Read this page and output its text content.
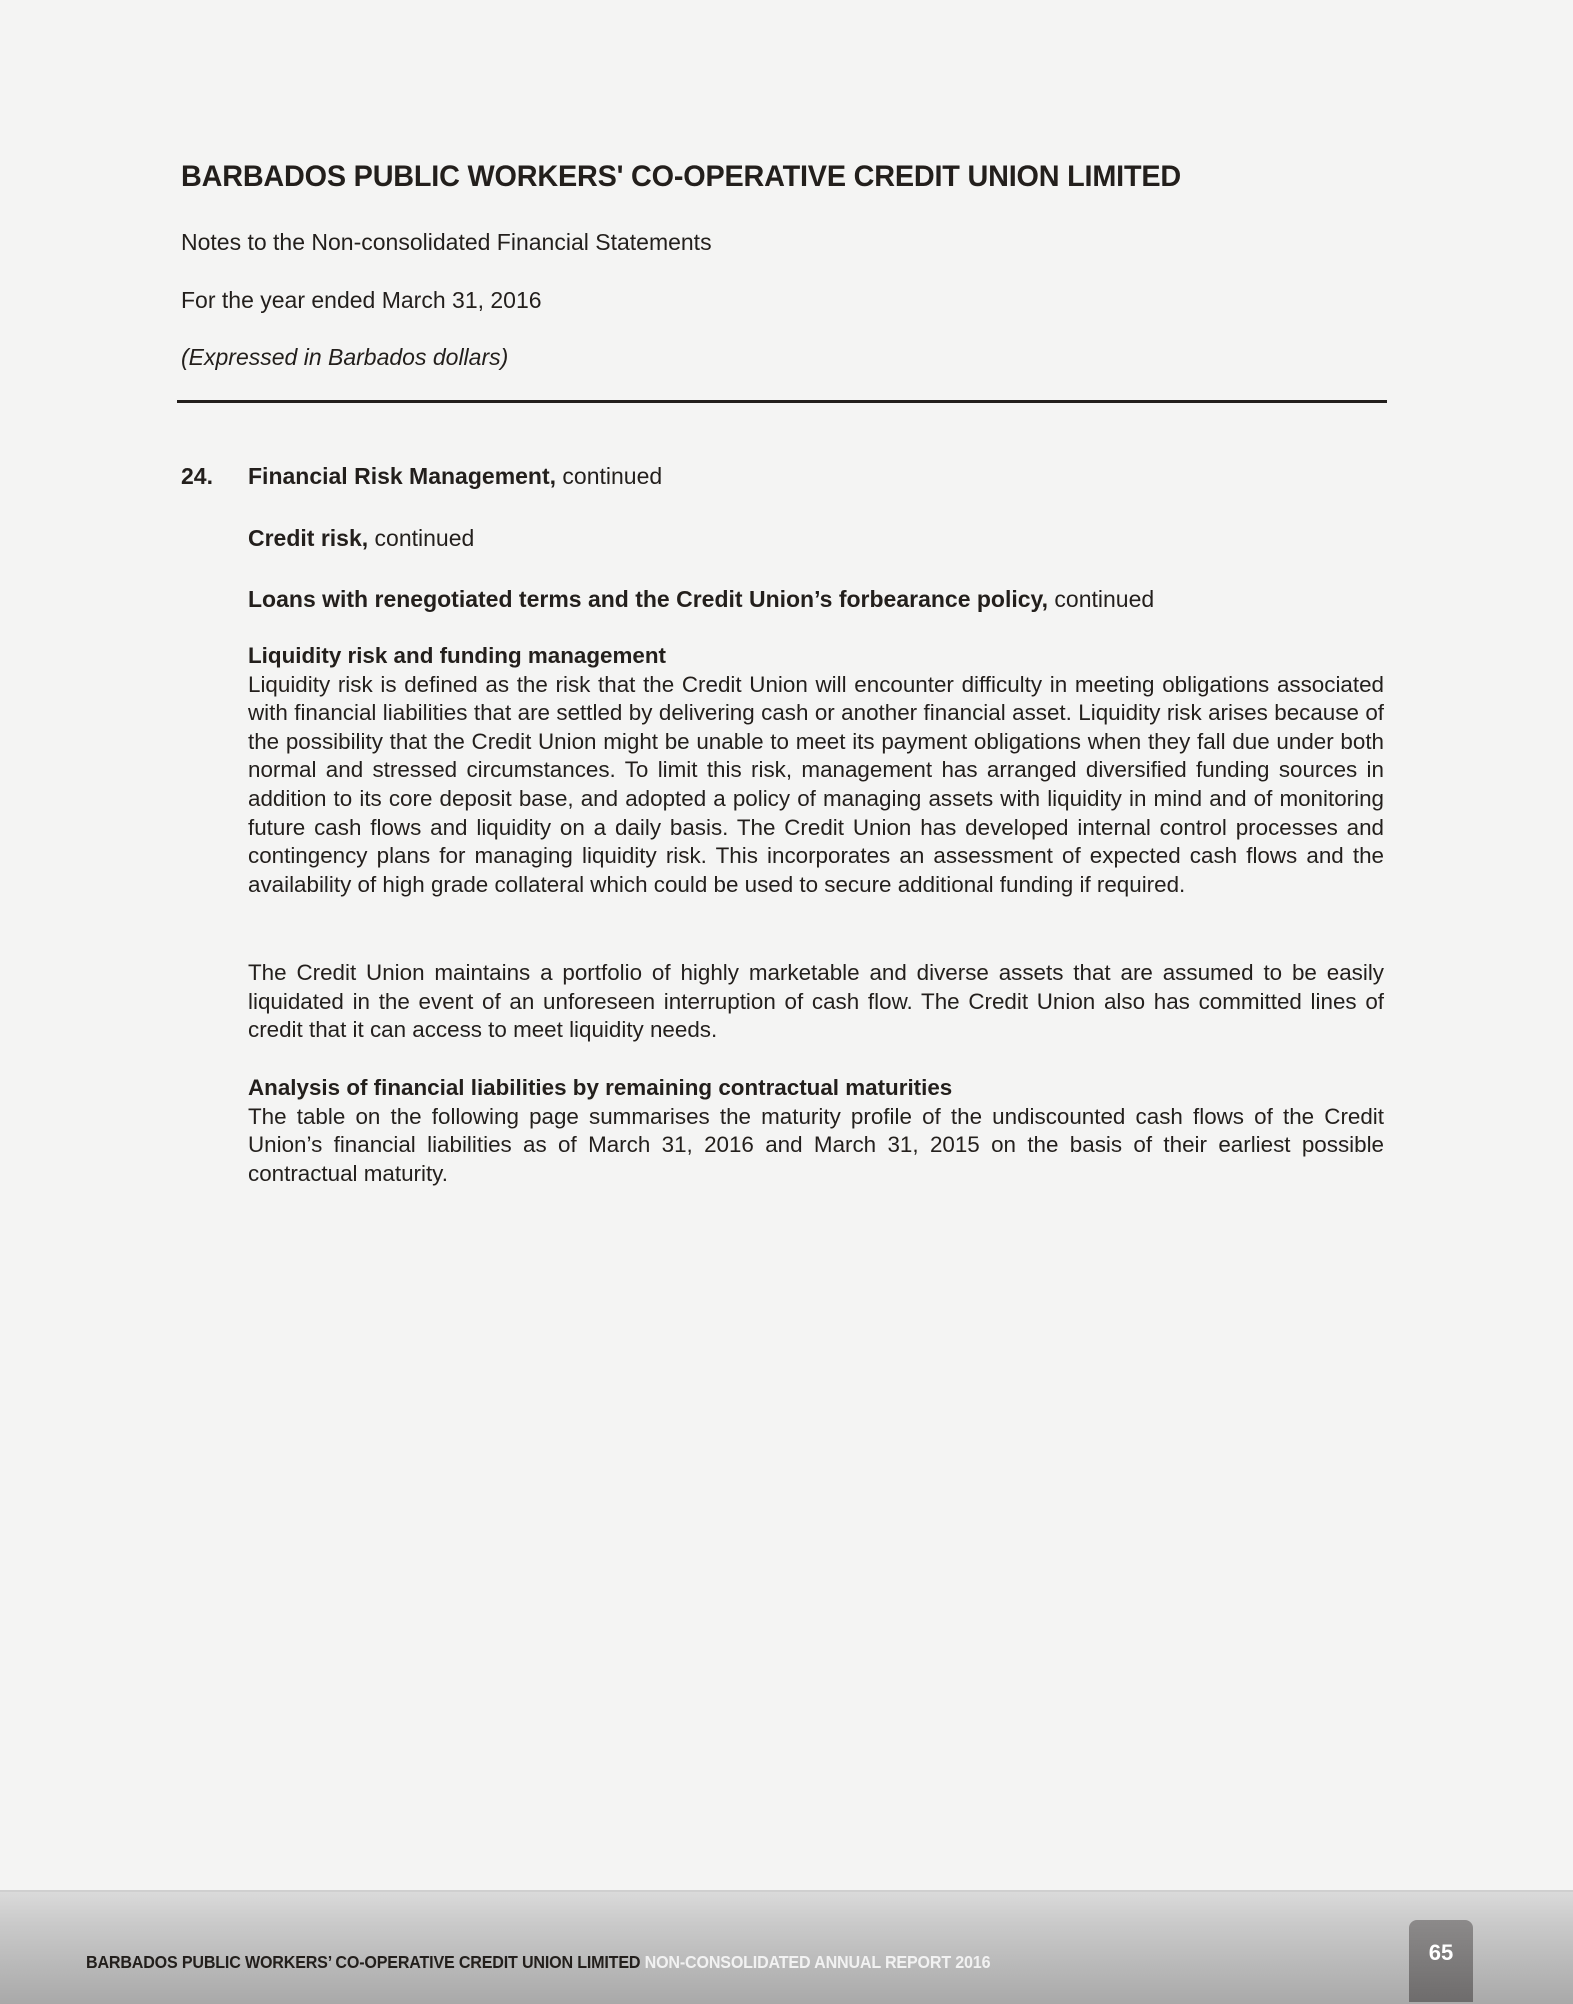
BARBADOS PUBLIC WORKERS' CO-OPERATIVE CREDIT UNION LIMITED
Notes to the Non-consolidated Financial Statements
For the year ended March 31, 2016
(Expressed in Barbados dollars)
24. Financial Risk Management, continued
Credit risk, continued
Loans with renegotiated terms and the Credit Union’s forbearance policy, continued
Liquidity risk and funding management

Liquidity risk is defined as the risk that the Credit Union will encounter difficulty in meeting obligations associated with financial liabilities that are settled by delivering cash or another financial asset. Liquidity risk arises because of the possibility that the Credit Union might be unable to meet its payment obligations when they fall due under both normal and stressed circumstances. To limit this risk, management has arranged diversified funding sources in addition to its core deposit base, and adopted a policy of managing assets with liquidity in mind and of monitoring future cash flows and liquidity on a daily basis. The Credit Union has developed internal control processes and contingency plans for managing liquidity risk. This incorporates an assessment of expected cash flows and the availability of high grade collateral which could be used to secure additional funding if required.

The Credit Union maintains a portfolio of highly marketable and diverse assets that are assumed to be easily liquidated in the event of an unforeseen interruption of cash flow. The Credit Union also has committed lines of credit that it can access to meet liquidity needs.

Analysis of financial liabilities by remaining contractual maturities

The table on the following page summarises the maturity profile of the undiscounted cash flows of the Credit Union’s financial liabilities as of March 31, 2016 and March 31, 2015 on the basis of their earliest possible contractual maturity.

BARBADOS PUBLIC WORKERS’ CO-OPERATIVE CREDIT UNION LIMITED NON-CONSOLIDATED ANNUAL REPORT 2016	65
